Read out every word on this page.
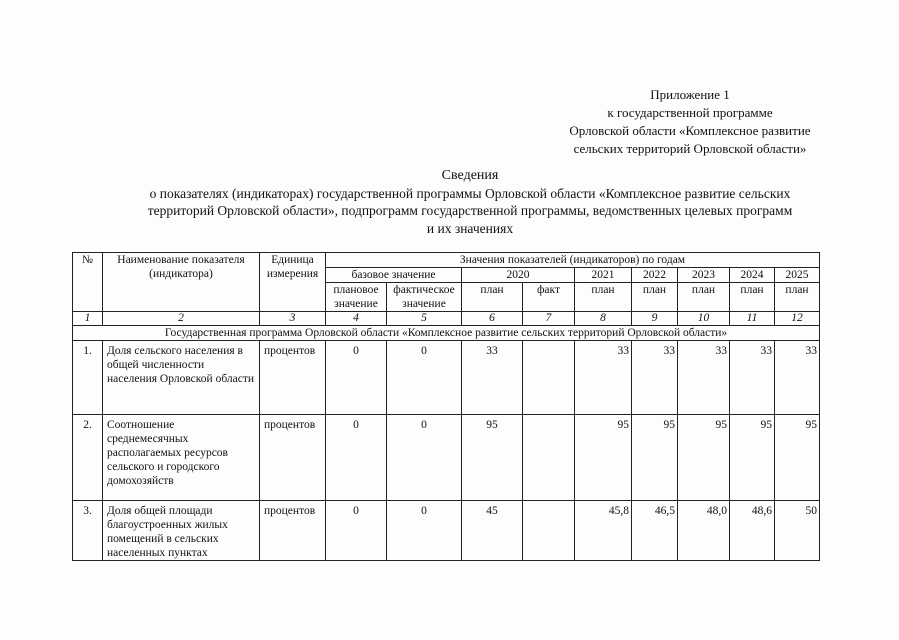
Приложение 1
к государственной программе
Орловской области «Комплексное развитие
сельских территорий Орловской области»
Сведения
о показателях (индикаторах) государственной программы Орловской области «Комплексное развитие сельских
территорий Орловской области», подпрограмм государственной программы, ведомственных целевых программ
и их значениях
№	Наименование показателя (индикатора)	Единица измерения	Значения показателей (индикаторов) по годам								
			базовое значение		2020		2021	2022	2023	2024	2025
			плановое значение	фактическое значение	план	факт	план	план	план	план	план
1	2	3	4	5	6	7	8	9	10	11	12
Государственная программа Орловской области «Комплексное развитие сельских территорий Орловской области»											
1.	Доля сельского населения в общей численности населения Орловской области	процентов	0	0	33		33	33	33	33	33
2.	Соотношение среднемесячных располагаемых ресурсов сельского и городского домохозяйств	процентов	0	0	95		95	95	95	95	95
3.	Доля общей площади благоустроенных жилых помещений в сельских населенных пунктах	процентов	0	0	45		45,8	46,5	48,0	48,6	50
